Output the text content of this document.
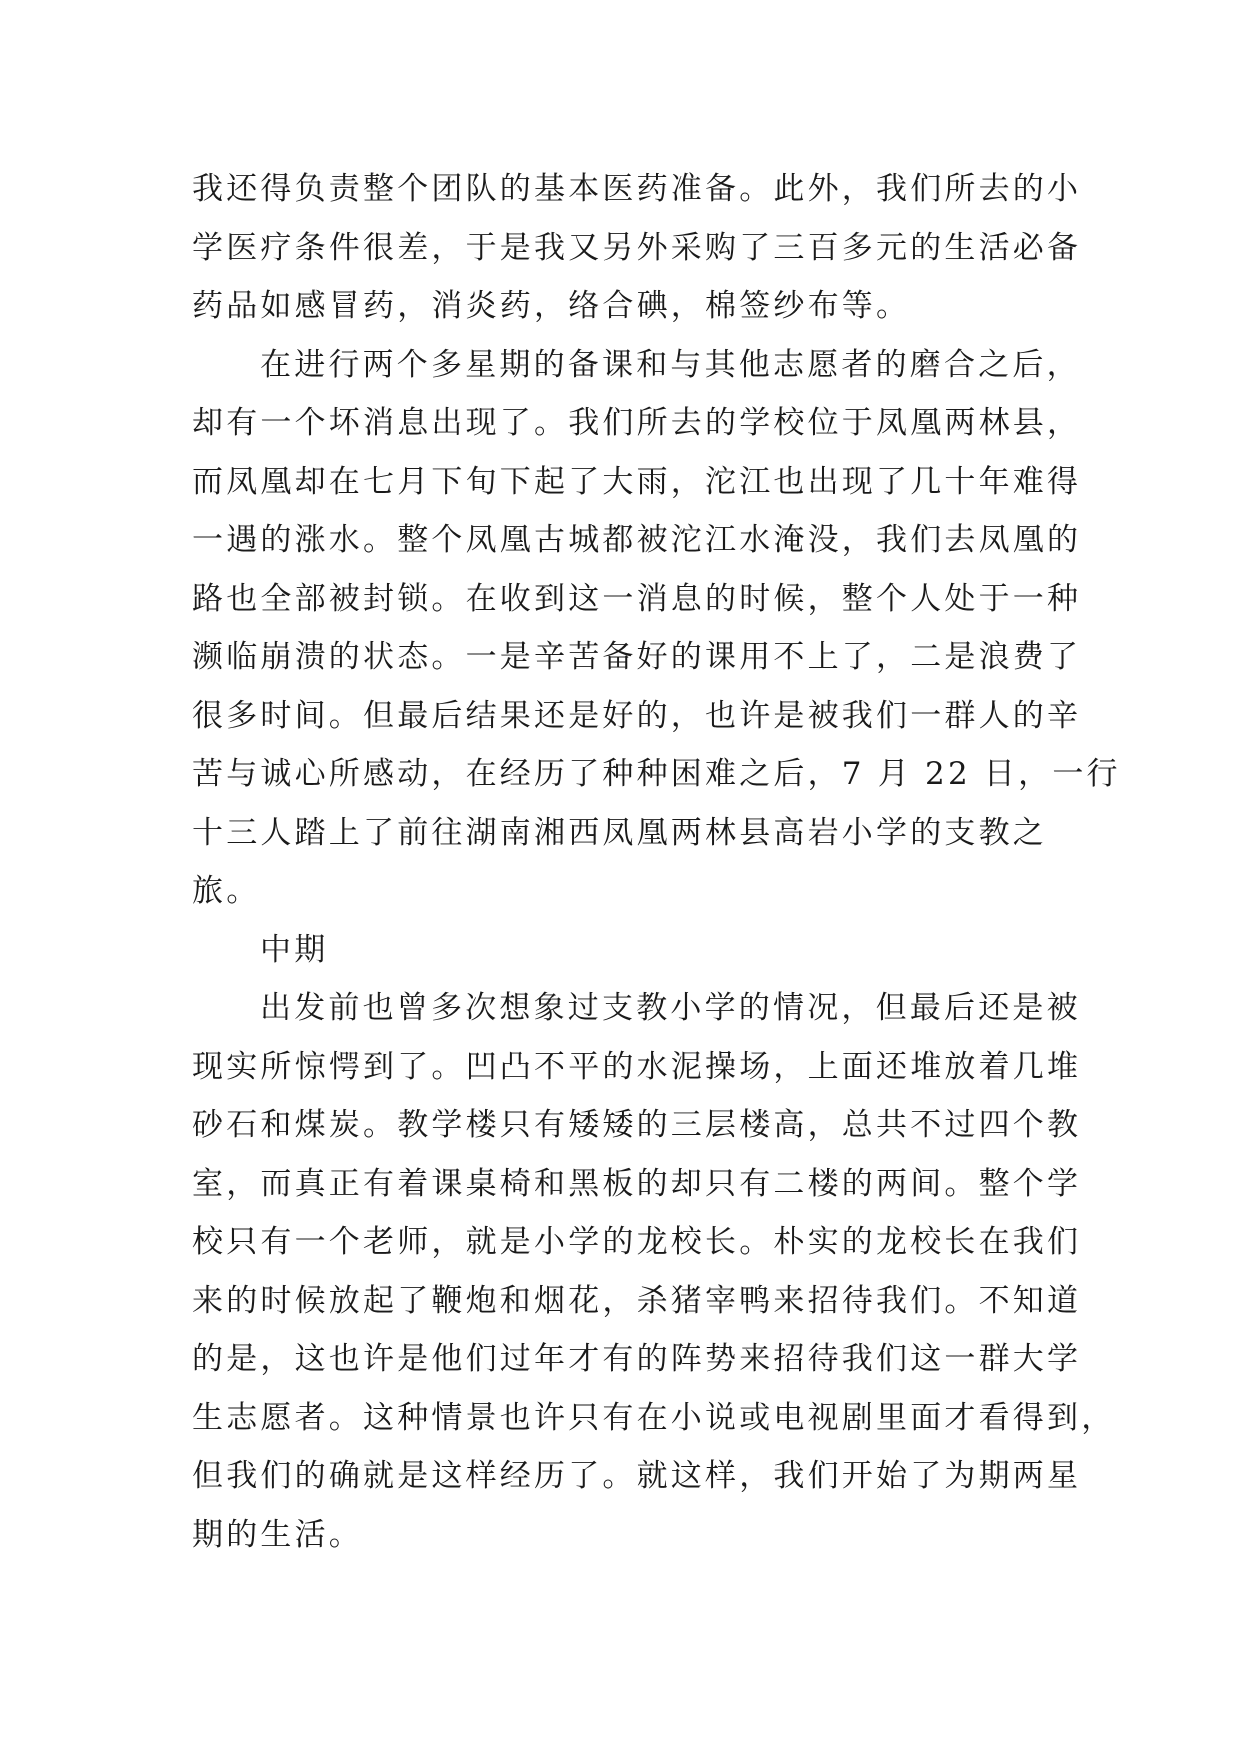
我还得负责整个团队的基本医药准备。此外，我们所去的小
学医疗条件很差，于是我又另外采购了三百多元的生活必备
药品如感冒药，消炎药，络合碘，棉签纱布等。
在进行两个多星期的备课和与其他志愿者的磨合之后，
却有一个坏消息出现了。我们所去的学校位于凤凰两林县，
而凤凰却在七月下旬下起了大雨，沱江也出现了几十年难得
一遇的涨水。整个凤凰古城都被沱江水淹没，我们去凤凰的
路也全部被封锁。在收到这一消息的时候，整个人处于一种
濒临崩溃的状态。一是辛苦备好的课用不上了，二是浪费了
很多时间。但最后结果还是好的，也许是被我们一群人的辛
苦与诚心所感动，在经历了种种困难之后，7 月 22 日，一行
十三人踏上了前往湖南湘西凤凰两林县高岩小学的支教之
旅。
中期
出发前也曾多次想象过支教小学的情况，但最后还是被
现实所惊愕到了。凹凸不平的水泥操场，上面还堆放着几堆
砂石和煤炭。教学楼只有矮矮的三层楼高，总共不过四个教
室，而真正有着课桌椅和黑板的却只有二楼的两间。整个学
校只有一个老师，就是小学的龙校长。朴实的龙校长在我们
来的时候放起了鞭炮和烟花，杀猪宰鸭来招待我们。不知道
的是，这也许是他们过年才有的阵势来招待我们这一群大学
生志愿者。这种情景也许只有在小说或电视剧里面才看得到，
但我们的确就是这样经历了。就这样，我们开始了为期两星
期的生活。
